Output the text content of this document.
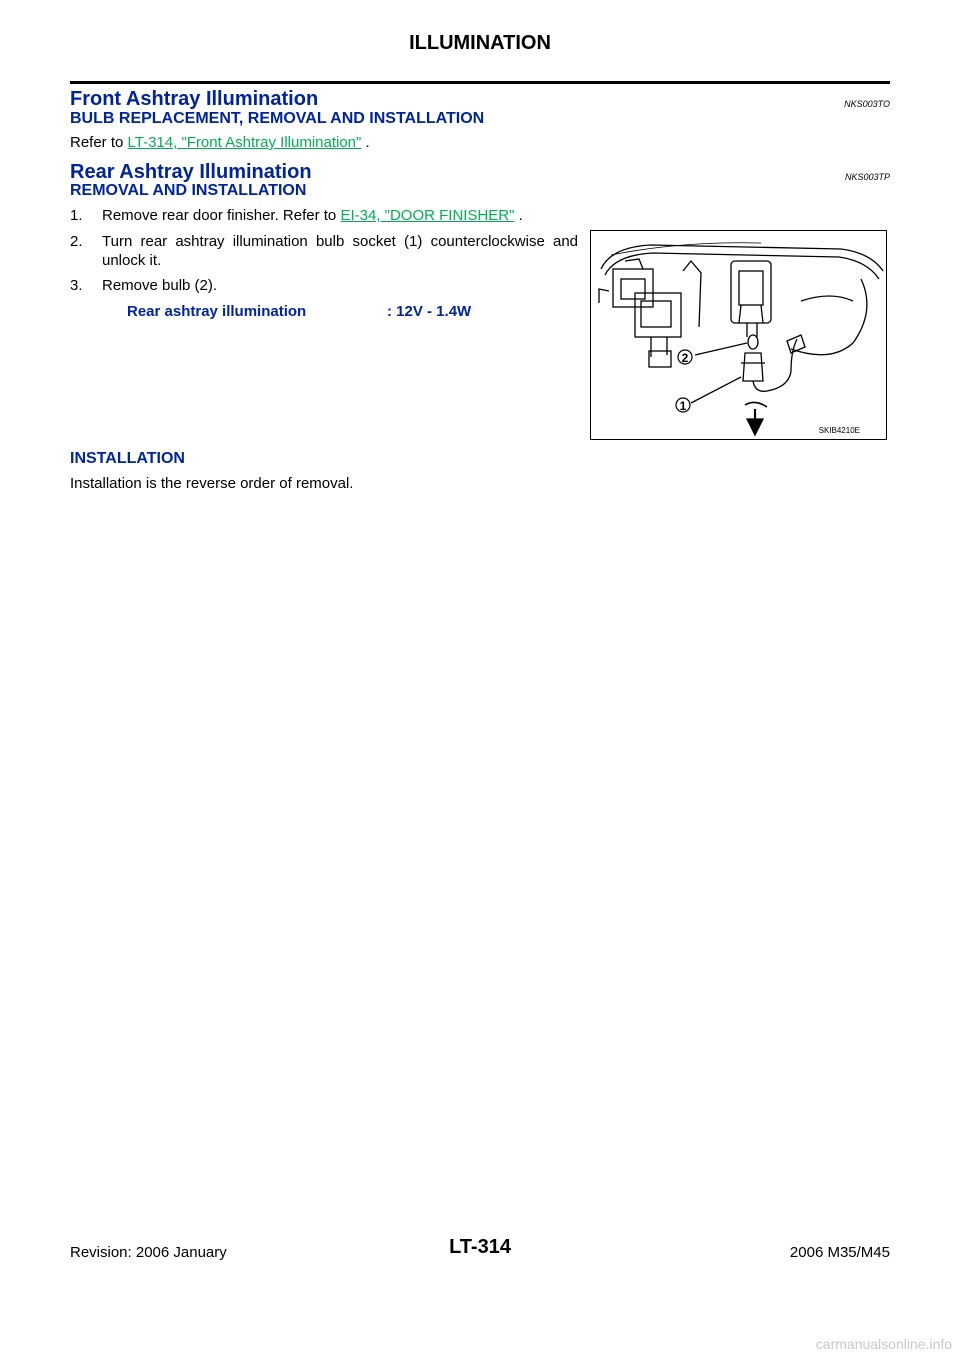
ILLUMINATION
Front Ashtray Illumination	NKS003TO
BULB REPLACEMENT, REMOVAL AND INSTALLATION
Refer to LT-314, "Front Ashtray Illumination" .
Rear Ashtray Illumination	NKS003TP
REMOVAL AND INSTALLATION
1. Remove rear door finisher. Refer to EI-34, "DOOR FINISHER" .
2. Turn rear ashtray illumination bulb socket (1) counterclockwise and unlock it.
3. Remove bulb (2).
Rear ashtray illumination	: 12V - 1.4W
2
1
SKIB4210E
INSTALLATION
Installation is the reverse order of removal.
Revision: 2006 January	LT-314	2006 M35/M45
carmanualsonline.info
